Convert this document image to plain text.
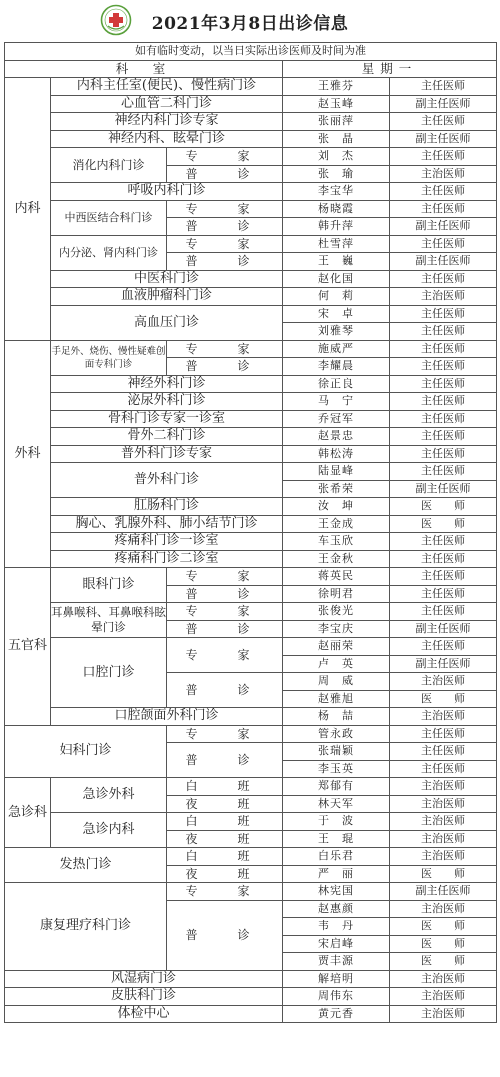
2021年3月8日出诊信息
如有临时变动，以当日实际出诊医师及时间为准				
科　室			星期一	
内科	内科主任室(便民)、慢性病门诊		王雅芬	主任医师
	心血管二科门诊		赵玉峰	副主任医师
	神经内科门诊专家		张丽萍	主任医师
	神经内科、眩晕门诊		张　晶	副主任医师
	消化内科门诊	专　家	刘　杰	主任医师
		普　诊	张　瑜	主治医师
	呼吸内科门诊		李宝华	主任医师
	中西医结合科门诊	专　家	杨晓霞	主任医师
		普　诊	韩升萍	副主任医师
	内分泌、肾内科门诊	专　家	杜雪萍	主任医师
		普　诊	王　巍	副主任医师
	中医科门诊		赵化国	主任医师
	血液肿瘤科门诊		何　莉	主治医师
	高血压门诊		宋　卓	主任医师
			刘雅琴	主任医师
外科	手足外、烧伤、慢性疑难创面专科门诊	专　家	施威严	主任医师
		普　诊	李耀晨	主任医师
	神经外科门诊		徐正良	主任医师
	泌尿外科门诊		马　宁	主任医师
	骨科门诊专家一诊室		乔冠军	主任医师
	骨外二科门诊		赵景忠	主任医师
	普外科门诊专家		韩松涛	主任医师
	普外科门诊		陆显峰	主任医师
			张希荣	副主任医师
	肛肠科门诊		汝　坤	医　　师
	胸心、乳腺外科、肺小结节门诊		王金成	医　　师
	疼痛科门诊一诊室		车玉欣	主任医师
	疼痛科门诊二诊室		王金秋	主任医师
五官科	眼科门诊	专　家	蒋英民	主任医师
		普　诊	徐明君	主任医师
	耳鼻喉科、耳鼻喉科眩晕门诊	专　家	张俊光	主任医师
		普　诊	李宝庆	副主任医师
	口腔门诊	专　家	赵丽荣	主任医师
			卢　英	副主任医师
		普　诊	周　威	主治医师
			赵雅旭	医　　师
	口腔颌面外科门诊		杨　喆	主治医师
妇科门诊		专　家	管永政	主任医师
		普　诊	张瑞颖	主任医师
			李玉英	主任医师
急诊科	急诊外科	白　班	郑郁有	主治医师
		夜　班	林天军	主治医师
	急诊内科	白　班	于　波	主治医师
		夜　班	王　琨	主治医师
发热门诊		白　班	白乐君	主治医师
		夜　班	严　丽	医　　师
康复理疗科门诊		专　家	林宪国	副主任医师
		普　诊	赵惠颜	主治医师
			韦　丹	医　　师
			宋启峰	医　　师
			贾丰源	医　　师
风湿病门诊			解培明	主治医师
皮肤科门诊			周伟东	主治医师
体检中心			黄元香	主治医师
